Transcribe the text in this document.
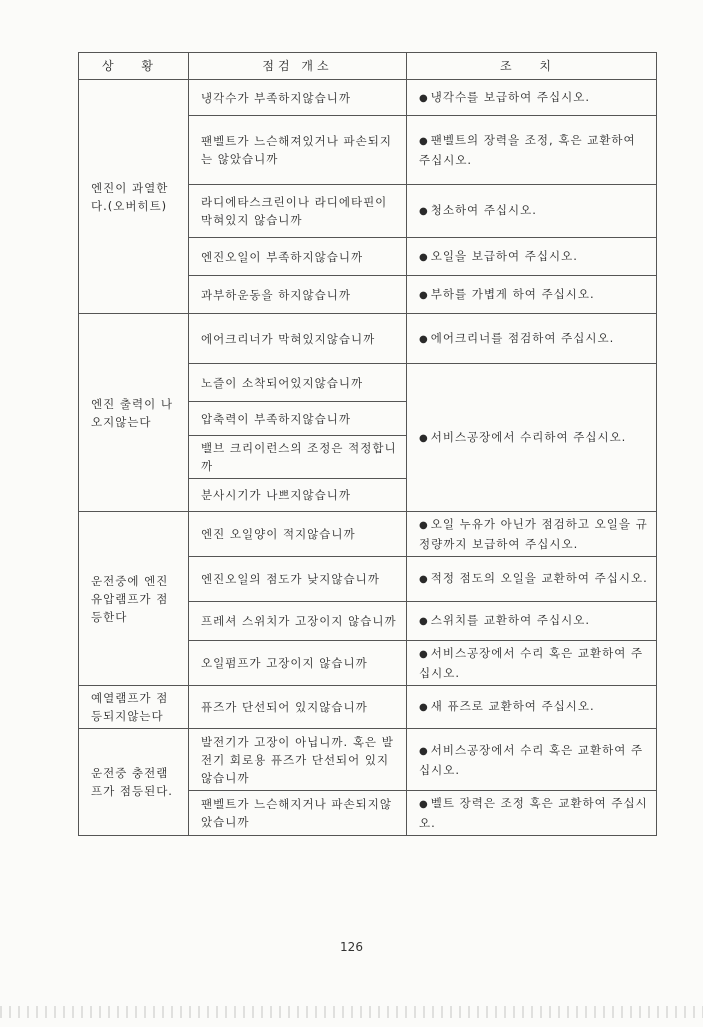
상 황	점검 개소	조 치
엔진이 과열한다.(오버히트)	냉각수가 부족하지않습니까	● 냉각수를 보급하여 주십시오.
	팬벨트가 느슨해져있거나 파손되지는 않았습니까	● 팬벨트의 장력을 조정, 혹은 교환하여 주십시오.
	라디에타스크린이나 라디에타핀이 막혀있지 않습니까	● 청소하여 주십시오.
	엔진오일이 부족하지않습니까	● 오일을 보급하여 주십시오.
	과부하운동을 하지않습니까	● 부하를 가볍게 하여 주십시오.
엔진 출력이 나오지않는다	에어크리너가 막혀있지않습니까	● 에어크리너를 점검하여 주십시오.
	노즐이 소착되어있지않습니까	● 서비스공장에서 수리하여 주십시오.
	압축력이 부족하지않습니까	
	밸브 크리이런스의 조정은 적정합니까	
	분사시기가 나쁘지않습니까	
운전중에 엔진유압램프가 점등한다	엔진 오일양이 적지않습니까	● 오일 누유가 아닌가 점검하고 오일을 규정량까지 보급하여 주십시오.
	엔진오일의 점도가 낮지않습니까	● 적정 점도의 오일을 교환하여 주십시오.
	프레셔 스위치가 고장이지 않습니까	● 스위치를 교환하여 주십시오.
	오일펌프가 고장이지 않습니까	● 서비스공장에서 수리 혹은 교환하여 주십시오.
예열램프가 점등되지않는다	퓨즈가 단선되어 있지않습니까	● 새 퓨즈로 교환하여 주십시오.
운전중 충전램프가 점등된다.	발전기가 고장이 아닙니까. 혹은 발전기 회로용 퓨즈가 단선되어 있지않습니까	● 서비스공장에서 수리 혹은 교환하여 주십시오.
	팬벨트가 느슨해지거나 파손되지않았습니까	● 벨트 장력은 조정 혹은 교환하여 주십시오.
126
